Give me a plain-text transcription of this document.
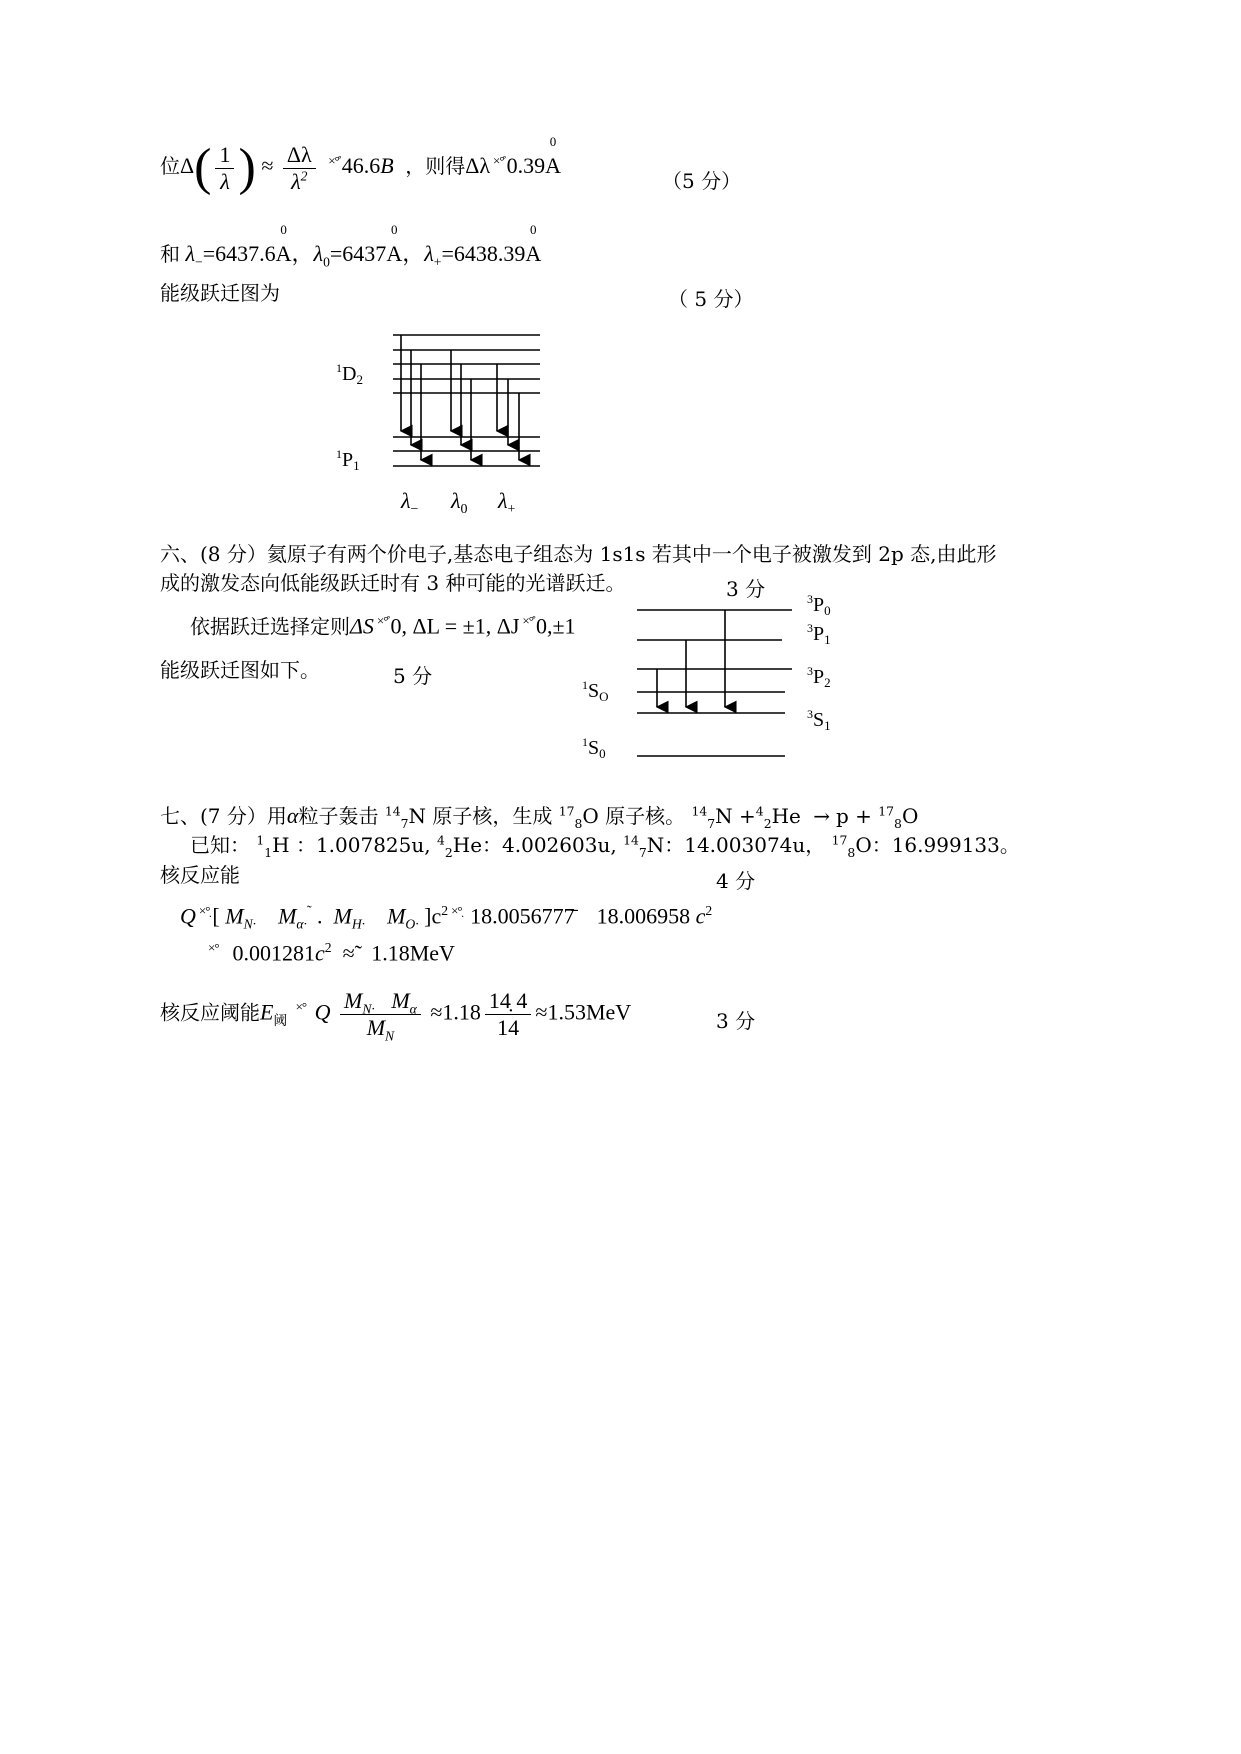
位$\Delta( \frac{1}{\lambda}$ ) ≈ $\frac{\Delta\lambda}{\lambda^2} ^{\times^\circ̊}$ 46.6B ，则得Δλ ×°̊ 0.39
0
A
（5 分）
和 $\lambda_-=6437.6$
0
A，$\lambda_0=6437$
0
A，$\lambda_+=6438.39$
0
A
能级跃迁图为	（ 5 分）
$^1D_2$
$^1P_1$
$\lambda_-$ $\lambda_0$ $\lambda_+$
六、(8 分）氦原子有两个价电子,基态电子组态为 1s1s 若其中一个电子被激发到 2p 态,由此形
成的激发态向低能级跃迁时有 3 种可能的光谱跃迁。	3 分
依据跃迁选择定则ΔS ×°̊ 0, ΔL = ±1, ΔJ ×°̊ 0,±1
能级跃迁图如下。	5 分
$^3P_0$
$^3P_1$
$^3P_2$
$^3S_1$
$^1S_O$
$^1S_0$
七、(7 分）用α粒子轰击 $^{14}_7$N 原子核，生成 $^{17}_8$O 原子核。 $^{14}_7$N +$^4_2$He → p + $^{17}_8$O
已知： $^1_1$H ：1.007825u, $^4_2$He：4.002603u, $^{14}_7$N：14.003074u， $^{17}_8$O：16.999133。
核反应能	4 分
Q ×°̣ [ $M_{N\cdot}$ $M_{\alpha\cdot}^˜$ .  $M_{H\cdot}$ $M_{O\cdot}$ ]$c^2$ ×°̣ 18.0056777̄ 18.006958 $c^2$
×° $0.001281c^2$ ≈̃ 1.18MeV
核反应阈能$E_阈$ ×° Q $\frac{M_{N\cdot} M_\alpha}{M_N} \approx 1.18 \frac{14̣ 4}{14} \approx 1.53MeV$	3 分
